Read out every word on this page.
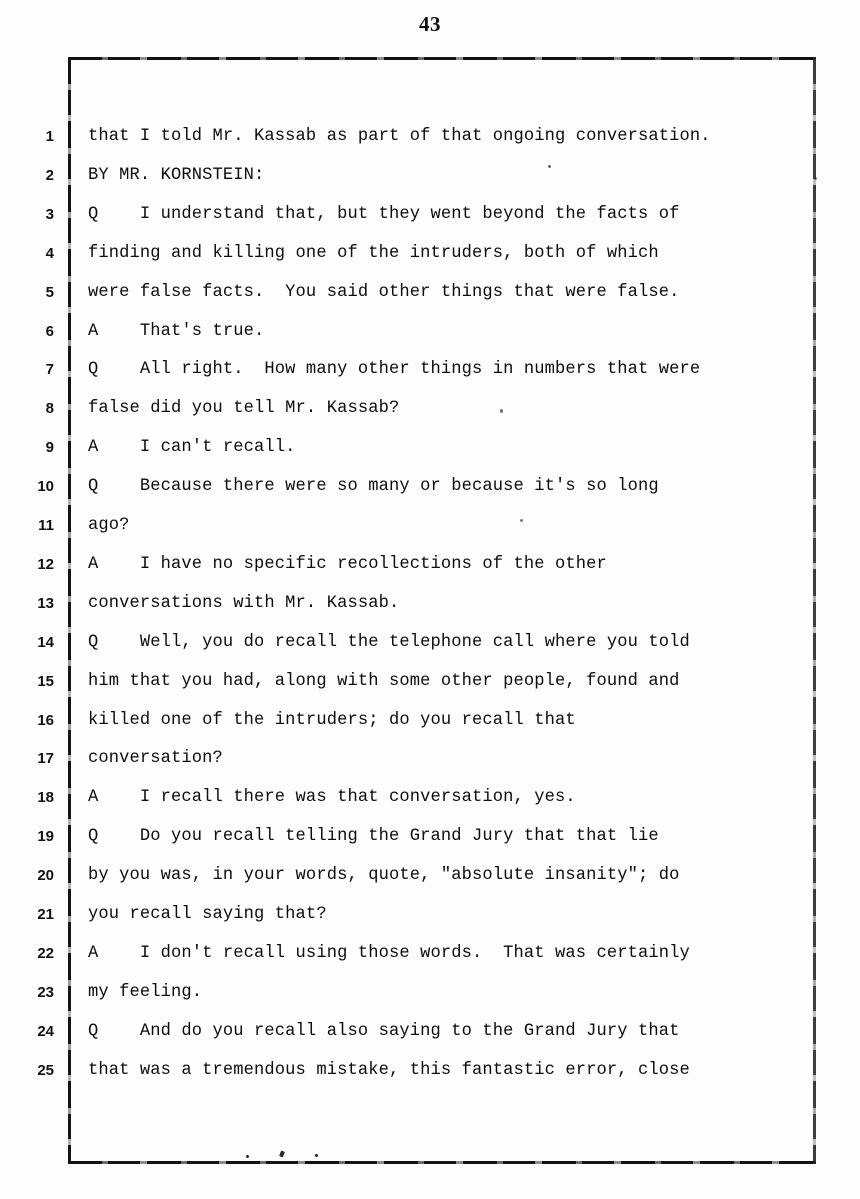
43
1 that I told Mr. Kassab as part of that ongoing conversation.
2 BY MR. KORNSTEIN:
3 Q    I understand that, but they went beyond the facts of
4 finding and killing one of the intruders, both of which
5 were false facts.  You said other things that were false.
6 A    That's true.
7 Q    All right.  How many other things in numbers that were
8 false did you tell Mr. Kassab?
9 A    I can't recall.
10 Q    Because there were so many or because it's so long
11 ago?
12 A    I have no specific recollections of the other
13 conversations with Mr. Kassab.
14 Q    Well, you do recall the telephone call where you told
15 him that you had, along with some other people, found and
16 killed one of the intruders; do you recall that
17 conversation?
18 A    I recall there was that conversation, yes.
19 Q    Do you recall telling the Grand Jury that that lie
20 by you was, in your words, quote, "absolute insanity"; do
21 you recall saying that?
22 A    I don't recall using those words.  That was certainly
23 my feeling.
24 Q    And do you recall also saying to the Grand Jury that
25 that was a tremendous mistake, this fantastic error, close
